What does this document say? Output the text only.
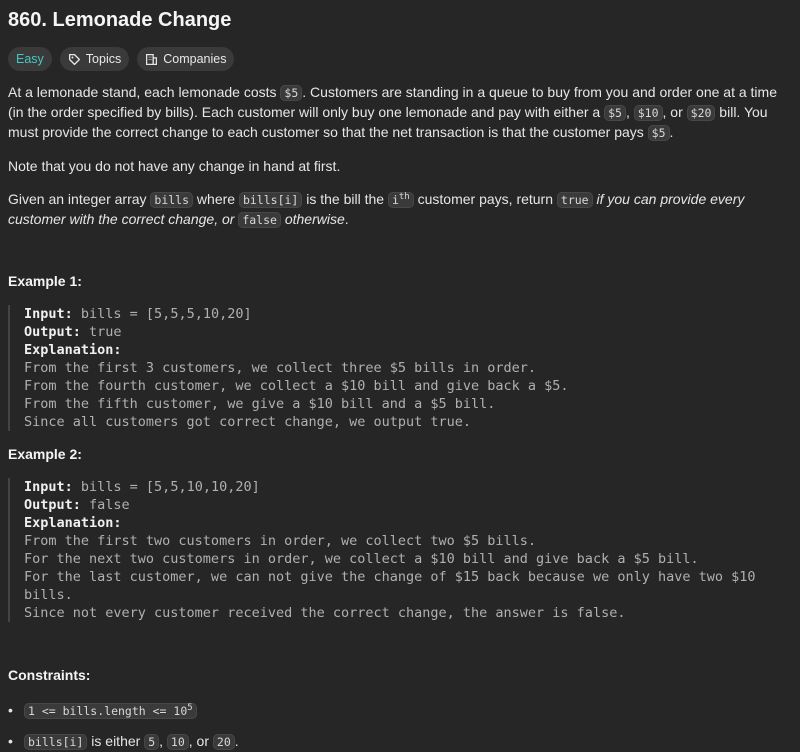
860. Lemonade Change
Easy	Topics	Companies

At a lemonade stand, each lemonade costs $5 . Customers are standing in a queue to buy from you and order one at a time (in the order specified by bills). Each customer will only buy one lemonade and pay with either a $5 , $10 , or $20 bill. You must provide the correct change to each customer so that the net transaction is that the customer pays $5 .

Note that you do not have any change in hand at first.

Given an integer array bills where bills[i] is the bill the $i^{th}$ customer pays, return true if you can provide every customer with the correct change, or false otherwise.

Example 1:
Input: bills = [5,5,5,10,20]
Output: true
Explanation:
From the first 3 customers, we collect three $5 bills in order.
From the fourth customer, we collect a $10 bill and give back a $5.
From the fifth customer, we give a $10 bill and a $5 bill.
Since all customers got correct change, we output true.
Example 2:
Input: bills = [5,5,10,10,20]
Output: false
Explanation:
From the first two customers in order, we collect two $5 bills.
For the next two customers in order, we collect a $10 bill and give back a $5 bill.
For the last customer, we can not give the change of $15 back because we only have two $10 bills.
Since not every customer received the correct change, the answer is false.
Constraints:
• 1 <= bills.length <= $10^5$
• bills[i] is either 5 , 10 , or 20 .
